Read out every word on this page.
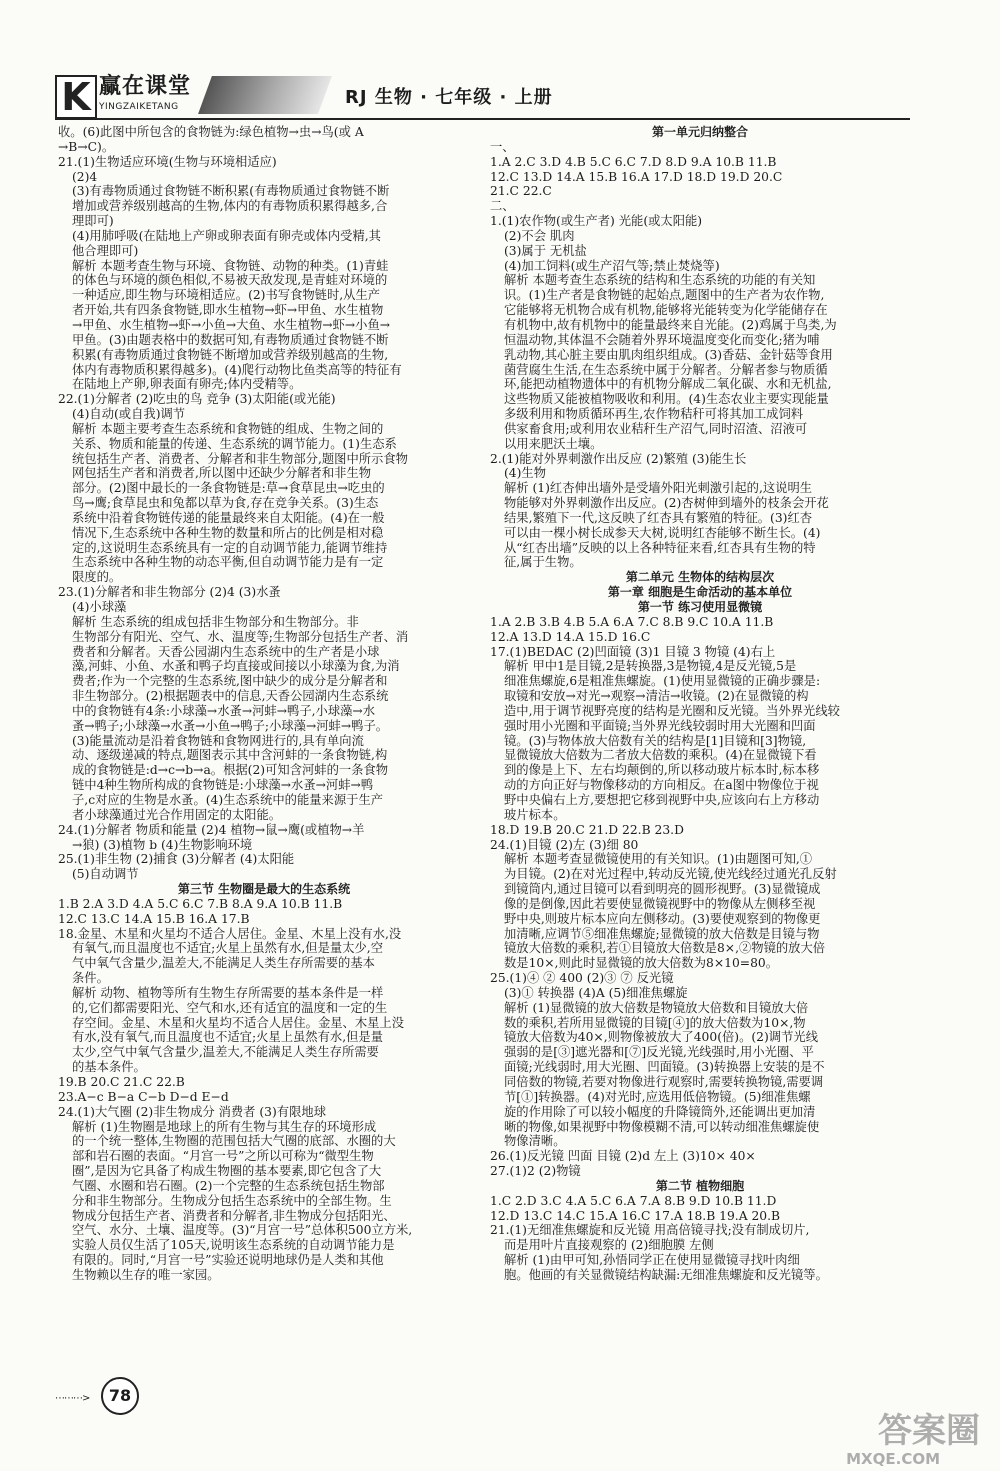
K 赢在课堂
YINGZAIKETANG	RJ 生物 · 七年级 · 上册
收。(6)此图中所包含的食物链为:绿色植物→虫→鸟(或 A
→B→C)。
21.(1)生物适应环境(生物与环境相适应)
(2)4
(3)有毒物质通过食物链不断积累(有毒物质通过食物链不断
增加或营养级别越高的生物,体内的有毒物质积累得越多,合
理即可)
(4)用肺呼吸(在陆地上产卵或卵表面有卵壳或体内受精,其
他合理即可)
解析 本题考查生物与环境、食物链、动物的种类。(1)青蛙
的体色与环境的颜色相似,不易被天敌发现,是青蛙对环境的
一种适应,即生物与环境相适应。(2)书写食物链时,从生产
者开始,共有四条食物链,即水生植物→虾→甲鱼、水生植物
→甲鱼、水生植物→虾→小鱼→大鱼、水生植物→虾→小鱼→
甲鱼。(3)由题表格中的数据可知,有毒物质通过食物链不断
积累(有毒物质通过食物链不断增加或营养级别越高的生物,
体内有毒物质积累得越多)。(4)爬行动物比鱼类高等的特征有
在陆地上产卵,卵表面有卵壳;体内受精等。
22.(1)分解者 (2)吃虫的鸟 竞争 (3)太阳能(或光能)
(4)自动(或自我)调节
解析 本题主要考查生态系统和食物链的组成、生物之间的
关系、物质和能量的传递、生态系统的调节能力。(1)生态系
统包括生产者、消费者、分解者和非生物部分,题图中所示食物
网包括生产者和消费者,所以图中还缺少分解者和非生物
部分。(2)图中最长的一条食物链是:草→食草昆虫→吃虫的
鸟→鹰;食草昆虫和兔都以草为食,存在竞争关系。(3)生态
系统中沿着食物链传递的能量最终来自太阳能。(4)在一般
情况下,生态系统中各种生物的数量和所占的比例是相对稳
定的,这说明生态系统具有一定的自动调节能力,能调节维持
生态系统中各种生物的动态平衡,但自动调节能力是有一定
限度的。
23.(1)分解者和非生物部分 (2)4 (3)水蚤
(4)小球藻
解析 生态系统的组成包括非生物部分和生物部分。非
生物部分有阳光、空气、水、温度等;生物部分包括生产者、消
费者和分解者。天香公园湖内生态系统中的生产者是小球
藻,河蚌、小鱼、水蚤和鸭子均直接或间接以小球藻为食,为消
费者;作为一个完整的生态系统,图中缺少的成分是分解者和
非生物部分。(2)根据题表中的信息,天香公园湖内生态系统
中的食物链有4条:小球藻→水蚤→河蚌→鸭子,小球藻→水
蚤→鸭子;小球藻→水蚤→小鱼→鸭子;小球藻→河蚌→鸭子。
(3)能量流动是沿着食物链和食物网进行的,具有单向流
动、逐级递减的特点,题图表示其中含河蚌的一条食物链,构
成的食物链是:d→c→b→a。根据(2)可知含河蚌的一条食物
链中4种生物所构成的食物链是:小球藻→水蚤→河蚌→鸭
子,c对应的生物是水蚤。(4)生态系统中的能量来源于生产
者小球藻通过光合作用固定的太阳能。
24.(1)分解者 物质和能量 (2)4 植物→鼠→鹰(或植物→羊
→狼) (3)植物 b (4)生物影响环境
25.(1)非生物 (2)捕食 (3)分解者 (4)太阳能
(5)自动调节
第三节 生物圈是最大的生态系统
1.B 2.A 3.D 4.A 5.C 6.C 7.B 8.A 9.A 10.B 11.B
12.C 13.C 14.A 15.B 16.A 17.B
18.金星、木星和火星均不适合人居住。金星、木星上没有水,没
有氧气,而且温度也不适宜;火星上虽然有水,但是量太少,空
气中氧气含量少,温差大,不能满足人类生存所需要的基本
条件。
解析 动物、植物等所有生物生存所需要的基本条件是一样
的,它们都需要阳光、空气和水,还有适宜的温度和一定的生
存空间。金星、木星和火星均不适合人居住。金星、木星上没
有水,没有氧气,而且温度也不适宜;火星上虽然有水,但是量
太少,空气中氧气含量少,温差大,不能满足人类生存所需要
的基本条件。
19.B 20.C 21.C 22.B
23.A−c B−a C−b D−d E−d
24.(1)大气圈 (2)非生物成分 消费者 (3)有限地球
解析 (1)生物圈是地球上的所有生物与其生存的环境形成
的一个统一整体,生物圈的范围包括大气圈的底部、水圈的大
部和岩石圈的表面。“月宫一号”之所以可称为“微型生物
圈”,是因为它具备了构成生物圈的基本要素,即它包含了大
气圈、水圈和岩石圈。(2)一个完整的生态系统包括生物部
分和非生物部分。生物成分包括生态系统中的全部生物。生
物成分包括生产者、消费者和分解者,非生物成分包括阳光、
空气、水分、土壤、温度等。(3)“月宫一号”总体积500立方米,
实验人员仅生活了105天,说明该生态系统的自动调节能力是
有限的。同时,“月宫一号”实验还说明地球仍是人类和其他
生物赖以生存的唯一家园。
第一单元归纳整合
一、
1.A 2.C 3.D 4.B 5.C 6.C 7.D 8.D 9.A 10.B 11.B
12.C 13.D 14.A 15.B 16.A 17.D 18.D 19.D 20.C
21.C 22.C
二、
1.(1)农作物(或生产者) 光能(或太阳能)
(2)不会 肌肉
(3)属于 无机盐
(4)加工饲料(或生产沼气等;禁止焚烧等)
解析 本题考查生态系统的结构和生态系统的功能的有关知
识。(1)生产者是食物链的起始点,题图中的生产者为农作物,
它能够将无机物合成有机物,能够将光能转变为化学能储存在
有机物中,故有机物中的能量最终来自光能。(2)鸡属于鸟类,为
恒温动物,其体温不会随着外界环境温度变化而变化;猪为哺
乳动物,其心脏主要由肌肉组织组成。(3)香菇、金针菇等食用
菌营腐生生活,在生态系统中属于分解者。分解者参与物质循
环,能把动植物遗体中的有机物分解成二氧化碳、水和无机盐,
这些物质又能被植物吸收和利用。(4)生态农业主要实现能量
多级利用和物质循环再生,农作物秸秆可将其加工成饲料
供家畜食用;或利用农业秸秆生产沼气,同时沼渣、沼液可
以用来肥沃土壤。
2.(1)能对外界刺激作出反应 (2)繁殖 (3)能生长
(4)生物
解析 (1)红杏伸出墙外是受墙外阳光刺激引起的,这说明生
物能够对外界刺激作出反应。(2)杏树伸到墙外的枝条会开花
结果,繁殖下一代,这反映了红杏具有繁殖的特征。(3)红杏
可以由一棵小树长成参天大树,说明红杏能够不断生长。(4)
从“红杏出墙”反映的以上各种特征来看,红杏具有生物的特
征,属于生物。
第二单元 生物体的结构层次
第一章 细胞是生命活动的基本单位
第一节 练习使用显微镜
1.A 2.B 3.B 4.B 5.A 6.A 7.C 8.B 9.C 10.A 11.B
12.A 13.D 14.A 15.D 16.C
17.(1)BEDAC (2)凹面镜 (3)1 目镜 3 物镜 (4)右上
解析 甲中1是目镜,2是转换器,3是物镜,4是反光镜,5是
细准焦螺旋,6是粗准焦螺旋。(1)使用显微镜的正确步骤是:
取镜和安放→对光→观察→清洁→收镜。(2)在显微镜的构
造中,用于调节视野亮度的结构是光圈和反光镜。当外界光线较
强时用小光圈和平面镜;当外界光线较弱时用大光圈和凹面
镜。(3)与物体放大倍数有关的结构是[1]目镜和[3]物镜,
显微镜放大倍数为二者放大倍数的乘积。(4)在显微镜下看
到的像是上下、左右均颠倒的,所以移动玻片标本时,标本移
动的方向正好与物像移动的方向相反。在a图中物像位于视
野中央偏右上方,要想把它移到视野中央,应该向右上方移动
玻片标本。
18.D 19.B 20.C 21.D 22.B 23.D
24.(1)目镜 (2)左 (3)细 80
解析 本题考查显微镜使用的有关知识。(1)由题图可知,①
为目镜。(2)在对光过程中,转动反光镜,使光线经过通光孔反射
到镜筒内,通过目镜可以看到明亮的圆形视野。(3)显微镜成
像的是倒像,因此若要使显微镜视野中的物像从左侧移至视
野中央,则玻片标本应向左侧移动。(3)要使观察到的物像更
加清晰,应调节⑤细准焦螺旋;显微镜的放大倍数是目镜与物
镜放大倍数的乘积,若①目镜放大倍数是8×,②物镜的放大倍
数是10×,则此时显微镜的放大倍数为8×10=80。
25.(1)④ ② 400 (2)③ ⑦ 反光镜
(3)① 转换器 (4)A (5)细准焦螺旋
解析 (1)显微镜的放大倍数是物镜放大倍数和目镜放大倍
数的乘积,若所用显微镜的目镜[④]的放大倍数为10×,物
镜放大倍数为40×,则物像被放大了400(倍)。(2)调节光线
强弱的是[③]遮光器和[⑦]反光镜,光线强时,用小光圈、平
面镜;光线弱时,用大光圈、凹面镜。(3)转换器上安装的是不
同倍数的物镜,若要对物像进行观察时,需要转换物镜,需要调
节[①]转换器。(4)对光时,应选用低倍物镜。(5)细准焦螺
旋的作用除了可以较小幅度的升降镜筒外,还能调出更加清
晰的物像,如果视野中物像模糊不清,可以转动细准焦螺旋使
物像清晰。
26.(1)反光镜 凹面 目镜 (2)d 左上 (3)10× 40×
27.(1)2 (2)物镜
第二节 植物细胞
1.C 2.D 3.C 4.A 5.C 6.A 7.A 8.B 9.D 10.B 11.D
12.D 13.C 14.C 15.A 16.C 17.A 18.B 19.A 20.B
21.(1)无细准焦螺旋和反光镜 用高倍镜寻找;没有制成切片,
而是用叶片直接观察的 (2)细胞膜 左侧
解析 (1)由甲可知,孙悟同学正在使用显微镜寻找叶肉细
胞。他画的有关显微镜结构缺漏:无细准焦螺旋和反光镜等。
⋯⋯⋯>	78
答案圈
MXQE.COM
